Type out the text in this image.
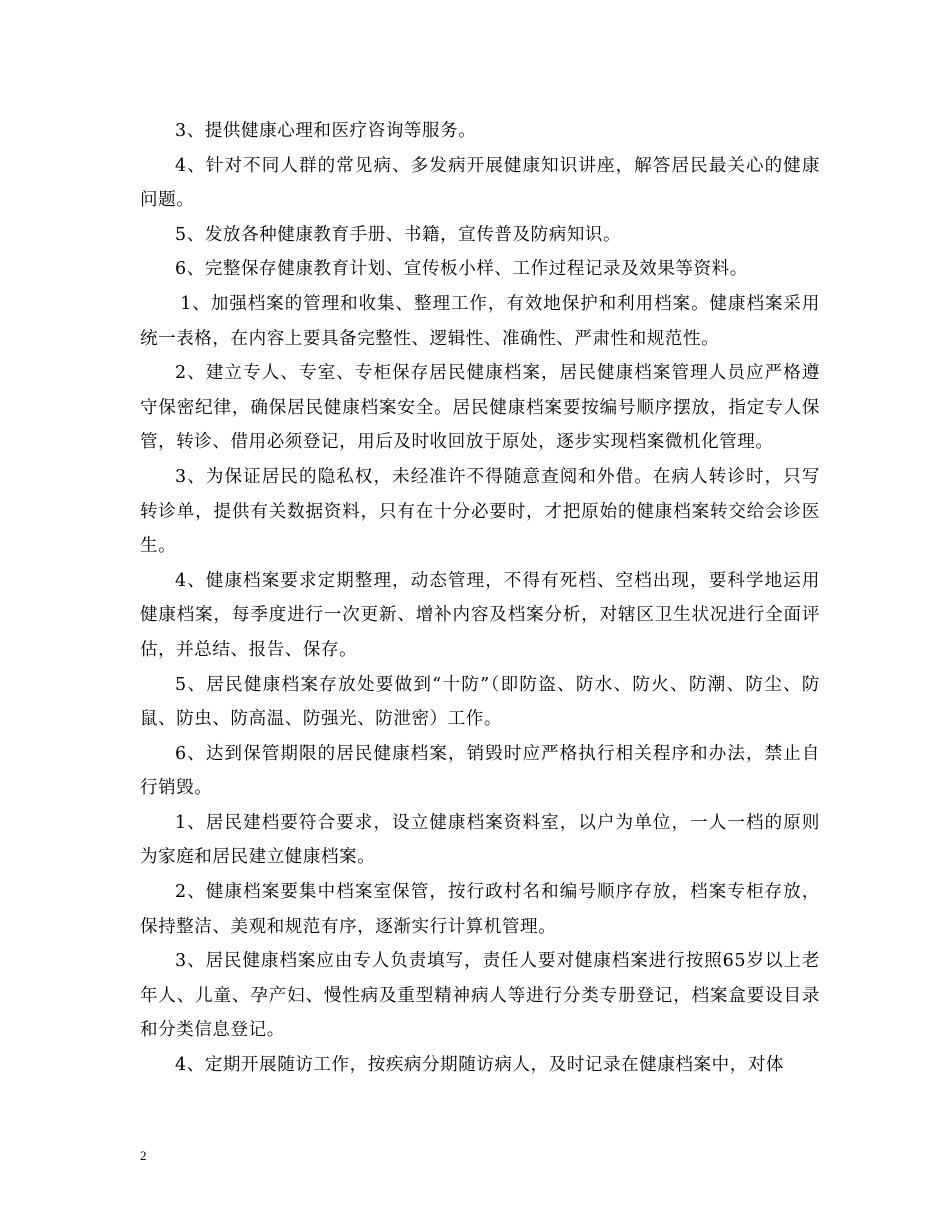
3、提供健康心理和医疗咨询等服务。

4、针对不同人群的常见病、多发病开展健康知识讲座，解答居民最关心的健康问题。

5、发放各种健康教育手册、书籍，宣传普及防病知识。

6、完整保存健康教育计划、宣传板小样、工作过程记录及效果等资料。

1、加强档案的管理和收集、整理工作，有效地保护和利用档案。健康档案采用统一表格，在内容上要具备完整性、逻辑性、准确性、严肃性和规范性。

2、建立专人、专室、专柜保存居民健康档案，居民健康档案管理人员应严格遵守保密纪律，确保居民健康档案安全。居民健康档案要按编号顺序摆放，指定专人保管，转诊、借用必须登记，用后及时收回放于原处，逐步实现档案微机化管理。

3、为保证居民的隐私权，未经准许不得随意查阅和外借。在病人转诊时，只写转诊单，提供有关数据资料，只有在十分必要时，才把原始的健康档案转交给会诊医生。

4、健康档案要求定期整理，动态管理，不得有死档、空档出现，要科学地运用健康档案，每季度进行一次更新、增补内容及档案分析，对辖区卫生状况进行全面评估，并总结、报告、保存。

5、居民健康档案存放处要做到“十防”（即防盗、防水、防火、防潮、防尘、防鼠、防虫、防高温、防强光、防泄密）工作。

6、达到保管期限的居民健康档案，销毁时应严格执行相关程序和办法，禁止自行销毁。

1、居民建档要符合要求，设立健康档案资料室，以户为单位，一人一档的原则为家庭和居民建立健康档案。

2、健康档案要集中档案室保管，按行政村名和编号顺序存放，档案专柜存放，保持整洁、美观和规范有序，逐渐实行计算机管理。

3、居民健康档案应由专人负责填写，责任人要对健康档案进行按照65岁以上老年人、儿童、孕产妇、慢性病及重型精神病人等进行分类专册登记，档案盒要设目录和分类信息登记。

4、定期开展随访工作，按疾病分期随访病人，及时记录在健康档案中，对体

2
